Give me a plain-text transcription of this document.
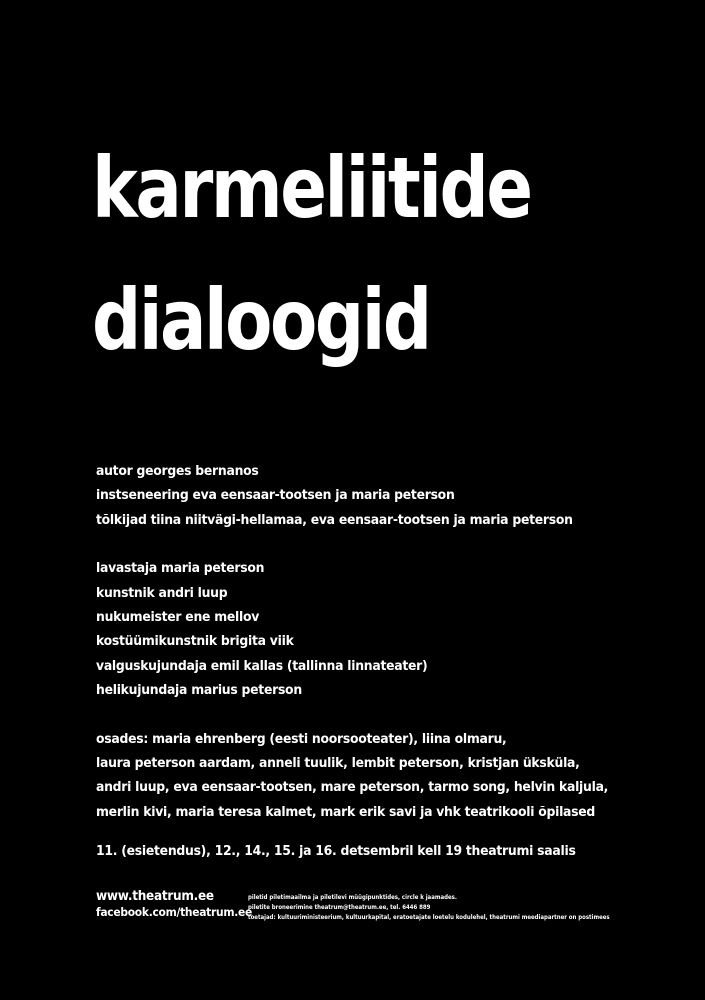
karmeliitide
dialoogid
autor georges bernanos
instseneering eva eensaar-tootsen ja maria peterson
tõlkijad tiina niitvägi-hellamaa, eva eensaar-tootsen ja maria peterson
lavastaja maria peterson
kunstnik andri luup
nukumeister ene mellov
kostüümikunstnik brigita viik
valguskujundaja emil kallas (tallinna linnateater)
helikujundaja marius peterson
osades: maria ehrenberg (eesti noorsooteater), liina olmaru,
laura peterson aardam, anneli tuulik, lembit peterson, kristjan üksküla,
andri luup, eva eensaar-tootsen, mare peterson, tarmo song, helvin kaljula,
merlin kivi, maria teresa kalmet, mark erik savi ja vhk teatrikooli õpilased
11. (esietendus), 12., 14., 15. ja 16. detsembril kell 19 theatrumi saalis
www.theatrum.ee
facebook.com/theatrum.ee
piletid piletimaailma ja piletilevi müügipunktides, circle k jaamades.
piletite broneerimine theatrum@theatrum.ee, tel. 6446 889
toetajad: kultuuriministeerium, kultuurkapital, eratoetajate loetelu kodulehel, theatrumi meediapartner on postimees
